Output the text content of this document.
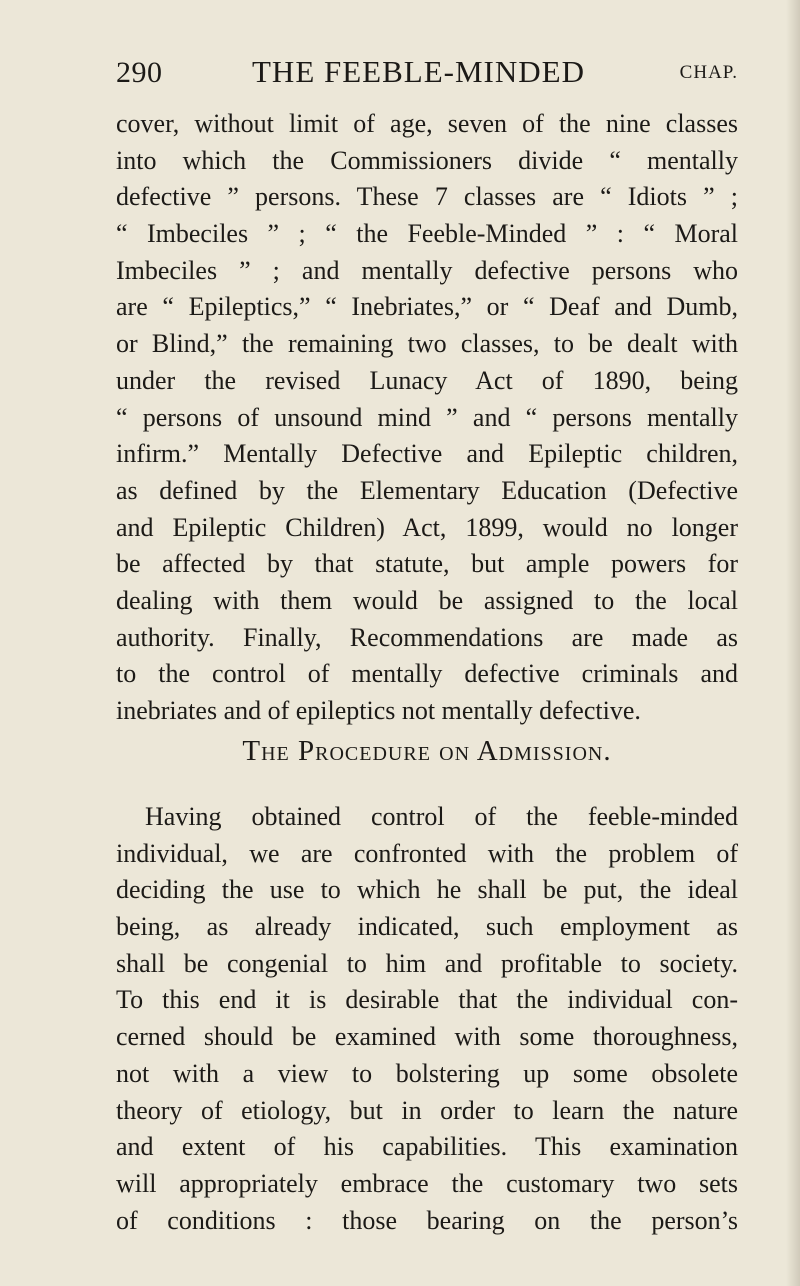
290	THE FEEBLE-MINDED	CHAP.
cover, without limit of age, seven of the nine classes
into which the Commissioners divide “ mentally
defective ” persons. These 7 classes are “ Idiots ” ;
“ Imbeciles ” ; “ the Feeble-Minded ” : “ Moral
Imbeciles ” ; and mentally defective persons who
are “ Epileptics,” “ Inebriates,” or “ Deaf and Dumb,
or Blind,” the remaining two classes, to be dealt with
under the revised Lunacy Act of 1890, being
“ persons of unsound mind ” and “ persons mentally
infirm.” Mentally Defective and Epileptic children,
as defined by the Elementary Education (Defective
and Epileptic Children) Act, 1899, would no longer
be affected by that statute, but ample powers for
dealing with them would be assigned to the local
authority. Finally, Recommendations are made as
to the control of mentally defective criminals and
inebriates and of epileptics not mentally defective.
The Procedure on Admission.
Having obtained control of the feeble-minded
individual, we are confronted with the problem of
deciding the use to which he shall be put, the ideal
being, as already indicated, such employment as
shall be congenial to him and profitable to society.
To this end it is desirable that the individual con-
cerned should be examined with some thoroughness,
not with a view to bolstering up some obsolete
theory of etiology, but in order to learn the nature
and extent of his capabilities. This examination
will appropriately embrace the customary two sets
of conditions : those bearing on the person’s
